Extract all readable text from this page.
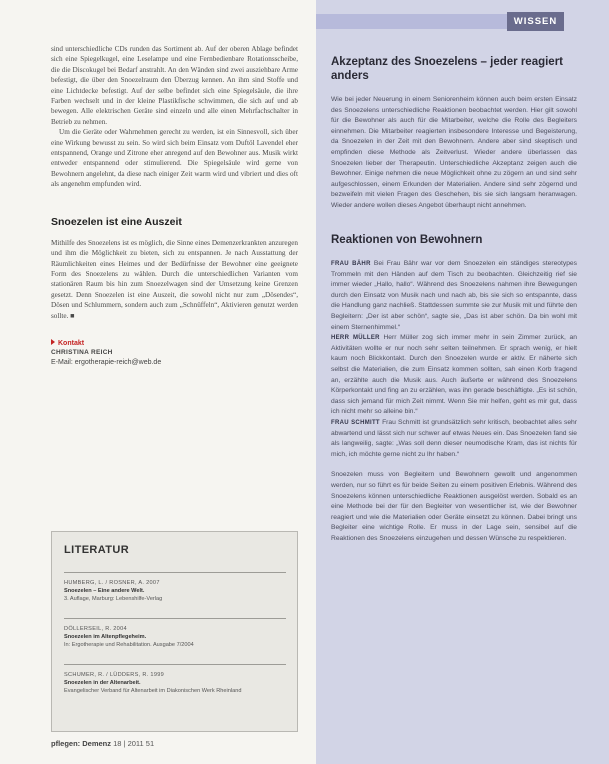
WISSEN

sind unterschiedliche CDs runden das Sortiment ab. Auf der oberen Ablage befindet sich eine Spiegelkugel, eine Leselampe und eine Fernbedienbare Rotationsscheibe, die die Discokugel bei Bedarf anstrahlt. An den Wänden sind zwei ausziehbare Arme befestigt, die über den Snoezelraum den Überzug kennen. An ihm sind Stoffe und eine Lichtdecke befestigt. Auf der selbe befindet sich eine Spiegelsäule, die ihre Farben wechselt und in der kleine Plastikfische schwimmen, die sich auf und ab bewegen. Alle elektrischen Geräte sind einzeln und alle einen Mehrfachschalter in Betrieb zu nehmen.

Um die Geräte oder Wahrnehmen gerecht zu werden, ist ein Sinnesvoll, sich über eine Wirkung bewusst zu sein. So wird sich beim Einsatz vom Duftöl Lavendel eher entspannend, Orange und Zitrone eher anregend auf den Bewohner aus. Musik wirkt entweder entspannend oder stimulierend. Die Spiegelsäule wird gerne von Bewohnern angelehnt, da diese nach einiger Zeit warm wird und vibriert und dies oft als angenehm empfunden wird.

Snoezelen ist eine Auszeit

Mithilfe des Snoezelens ist es möglich, die Sinne eines Demenzerkrankten anzuregen und ihm die Möglichkeit zu bieten, sich zu entspannen. Je nach Ausstattung der Räumlichkeiten eines Heimes und der Bedürfnisse der Bewohner eine geeignete Form des Snoezelens zu wählen. Durch die unterschiedlichen Varianten vom stationären Raum bis hin zum Snoezelwagen sind der Umsetzung keine Grenzen gesetzt. Denn Snoezelen ist eine Auszeit, die sowohl nicht nur zum „Dösendes“, Dösen und Schlummern, sondern auch zum „Schnüffeln“, Aktivieren genutzt werden sollte. ■

Kontakt
CHRISTINA REICH
E-Mail: ergotherapie-reich@web.de
LITERATUR
HUMBERG, L. / ROSNER, A. 2007
Snoezelen – Eine andere Welt.
3. Auflage, Marburg: Lebenshilfe-Verlag
DÖLLERSEIL, R. 2004
Snoezelen im Altenpflegeheim.
In: Ergotherapie und Rehabilitation. Ausgabe 7/2004
SCHUMER, R. / LÜDDERS, R. 1999
Snoezelen in der Altenarbeit.
Evangelischer Verband für Altenarbeit im Diakonischen Werk Rheinland
pflegen: Demenz 18 | 2011 51
Akzeptanz des Snoezelens – jeder reagiert anders

Wie bei jeder Neuerung in einem Seniorenheim können auch beim ersten Einsatz des Snoezelens unterschiedliche Reaktionen beobachtet werden. Hier gilt sowohl für die Bewohner als auch für die Mitarbeiter, welche die Rolle des Begleiters einnehmen. Die Mitarbeiter reagierten insbesondere Interesse und Begeisterung, da Snoezelen in der Zeit mit den Bewohnern. Andere aber sind skeptisch und empfinden diese Methode als Zeitverlust. Wieder andere überlassen das Snoezelen lieber der Therapeutin. Unterschiedliche Akzeptanz zeigen auch die Bewohner. Einige nehmen die neue Möglichkeit ohne zu zögern an und sind sehr aufgeschlossen, einem Erkunden der Materialien. Andere sind sehr zögernd und bezweifeln mit vielen Fragen des Geschehen, bis sie sich langsam heranwagen. Wieder andere wollen dieses Angebot überhaupt nicht annehmen.

Reaktionen von Bewohnern

FRAU BÄHR Bei Frau Bähr war vor dem Snoezelen ein ständiges stereotypes Trommeln mit den Händen auf dem Tisch zu beobachten. Gleichzeitig rief sie immer wieder „Hallo, hallo“. Während des Snoezelens nahmen ihre Bewegungen durch den Einsatz von Musik nach und nach ab, bis sie sich so entspannte, dass die Handlung ganz nachließ. Stattdessen summte sie zur Musik mit und führte den Begleitern: „Der ist aber schön“, sagte sie, „Das ist aber schön. Da bin wohl mit einem Sternenhimmel.“

HERR MÜLLER Herr Müller zog sich immer mehr in sein Zimmer zurück, an Aktivitäten wollte er nur noch sehr selten teilnehmen. Er sprach wenig, er hielt kaum noch Blickkontakt. Durch den Snoezelen wurde er aktiv. Er näherte sich selbst die Materialien, die zum Einsatz kommen sollten, sah einen Korb fragend an, erzählte auch die Musik aus. Auch äußerte er während des Snoezelens Körperkontakt und fing an zu erzählen, was ihn gerade beschäftigte. „Es ist schön, dass sich jemand für mich Zeit nimmt. Wenn Sie mir helfen, geht es mir gut, dass ich nicht mehr so alleine bin.“

FRAU SCHMITT Frau Schmitt ist grundsätzlich sehr kritisch, beobachtet alles sehr abwartend und lässt sich nur schwer auf etwas Neues ein. Das Snoezelen fand sie als langweilig, sagte: „Was soll denn dieser neumodische Kram, das ist nichts für mich, ich möchte gerne nicht zu Ihr haben.“

Snoezelen muss von Begleitern und Bewohnern gewollt und angenommen werden, nur so führt es für beide Seiten zu einem positiven Erlebnis. Während des Snoezelens können unterschiedliche Reaktionen ausgelöst werden. Sobald es an eine Methode bei der für den Begleiter von wesentlicher ist, wie der Bewohner reagiert und wie die Materialien oder Geräte einsetzt zu können. Dabei bringt uns Begleiter eine wichtige Rolle. Er muss in der Lage sein, sensibel auf die Reaktionen des Snoezelens einzugehen und dessen Wünsche zu respektieren.
